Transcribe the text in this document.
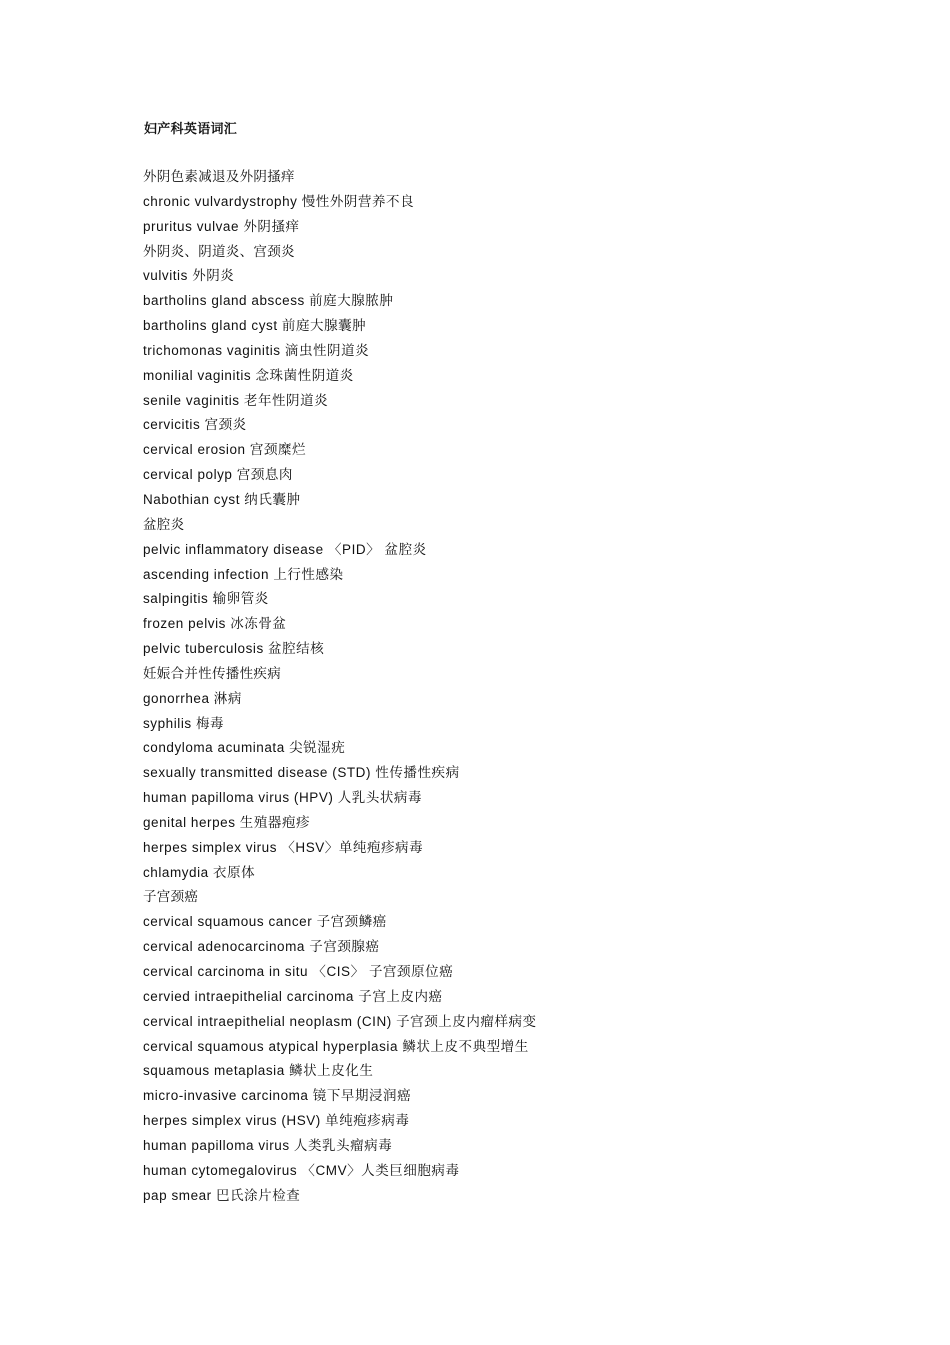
妇产科英语词汇
外阴色素减退及外阴搔痒
chronic vulvardystrophy 慢性外阴营养不良
pruritus vulvae 外阴搔痒
外阴炎、阴道炎、宫颈炎
vulvitis 外阴炎
bartholins gland abscess 前庭大腺脓肿
bartholins gland cyst 前庭大腺囊肿
trichomonas vaginitis 滴虫性阴道炎
monilial vaginitis 念珠菌性阴道炎
senile vaginitis 老年性阴道炎
cervicitis 宫颈炎
cervical erosion 宫颈糜烂
cervical polyp 宫颈息肉
Nabothian cyst 纳氏囊肿
盆腔炎
pelvic inflammatory disease 〈PID〉 盆腔炎
ascending infection 上行性感染
salpingitis 输卵管炎
frozen pelvis 冰冻骨盆
pelvic tuberculosis 盆腔结核
妊娠合并性传播性疾病
gonorrhea 淋病
syphilis 梅毒
condyloma acuminata 尖锐湿疣
sexually transmitted disease (STD) 性传播性疾病
human papilloma virus (HPV) 人乳头状病毒
genital herpes 生殖器疱疹
herpes simplex virus 〈HSV〉单纯疱疹病毒
chlamydia 衣原体
子宫颈癌
cervical squamous cancer 子宫颈鳞癌
cervical adenocarcinoma 子宫颈腺癌
cervical carcinoma in situ 〈CIS〉 子宫颈原位癌
cervied intraepithelial carcinoma 子宫上皮内癌
cervical intraepithelial neoplasm (CIN) 子宫颈上皮内瘤样病变
cervical squamous atypical hyperplasia 鳞状上皮不典型增生
squamous metaplasia 鳞状上皮化生
micro-invasive carcinoma 镜下早期浸润癌
herpes simplex virus (HSV) 单纯疱疹病毒
human papilloma virus 人类乳头瘤病毒
human cytomegalovirus 〈CMV〉人类巨细胞病毒
pap smear 巴氏涂片检查
